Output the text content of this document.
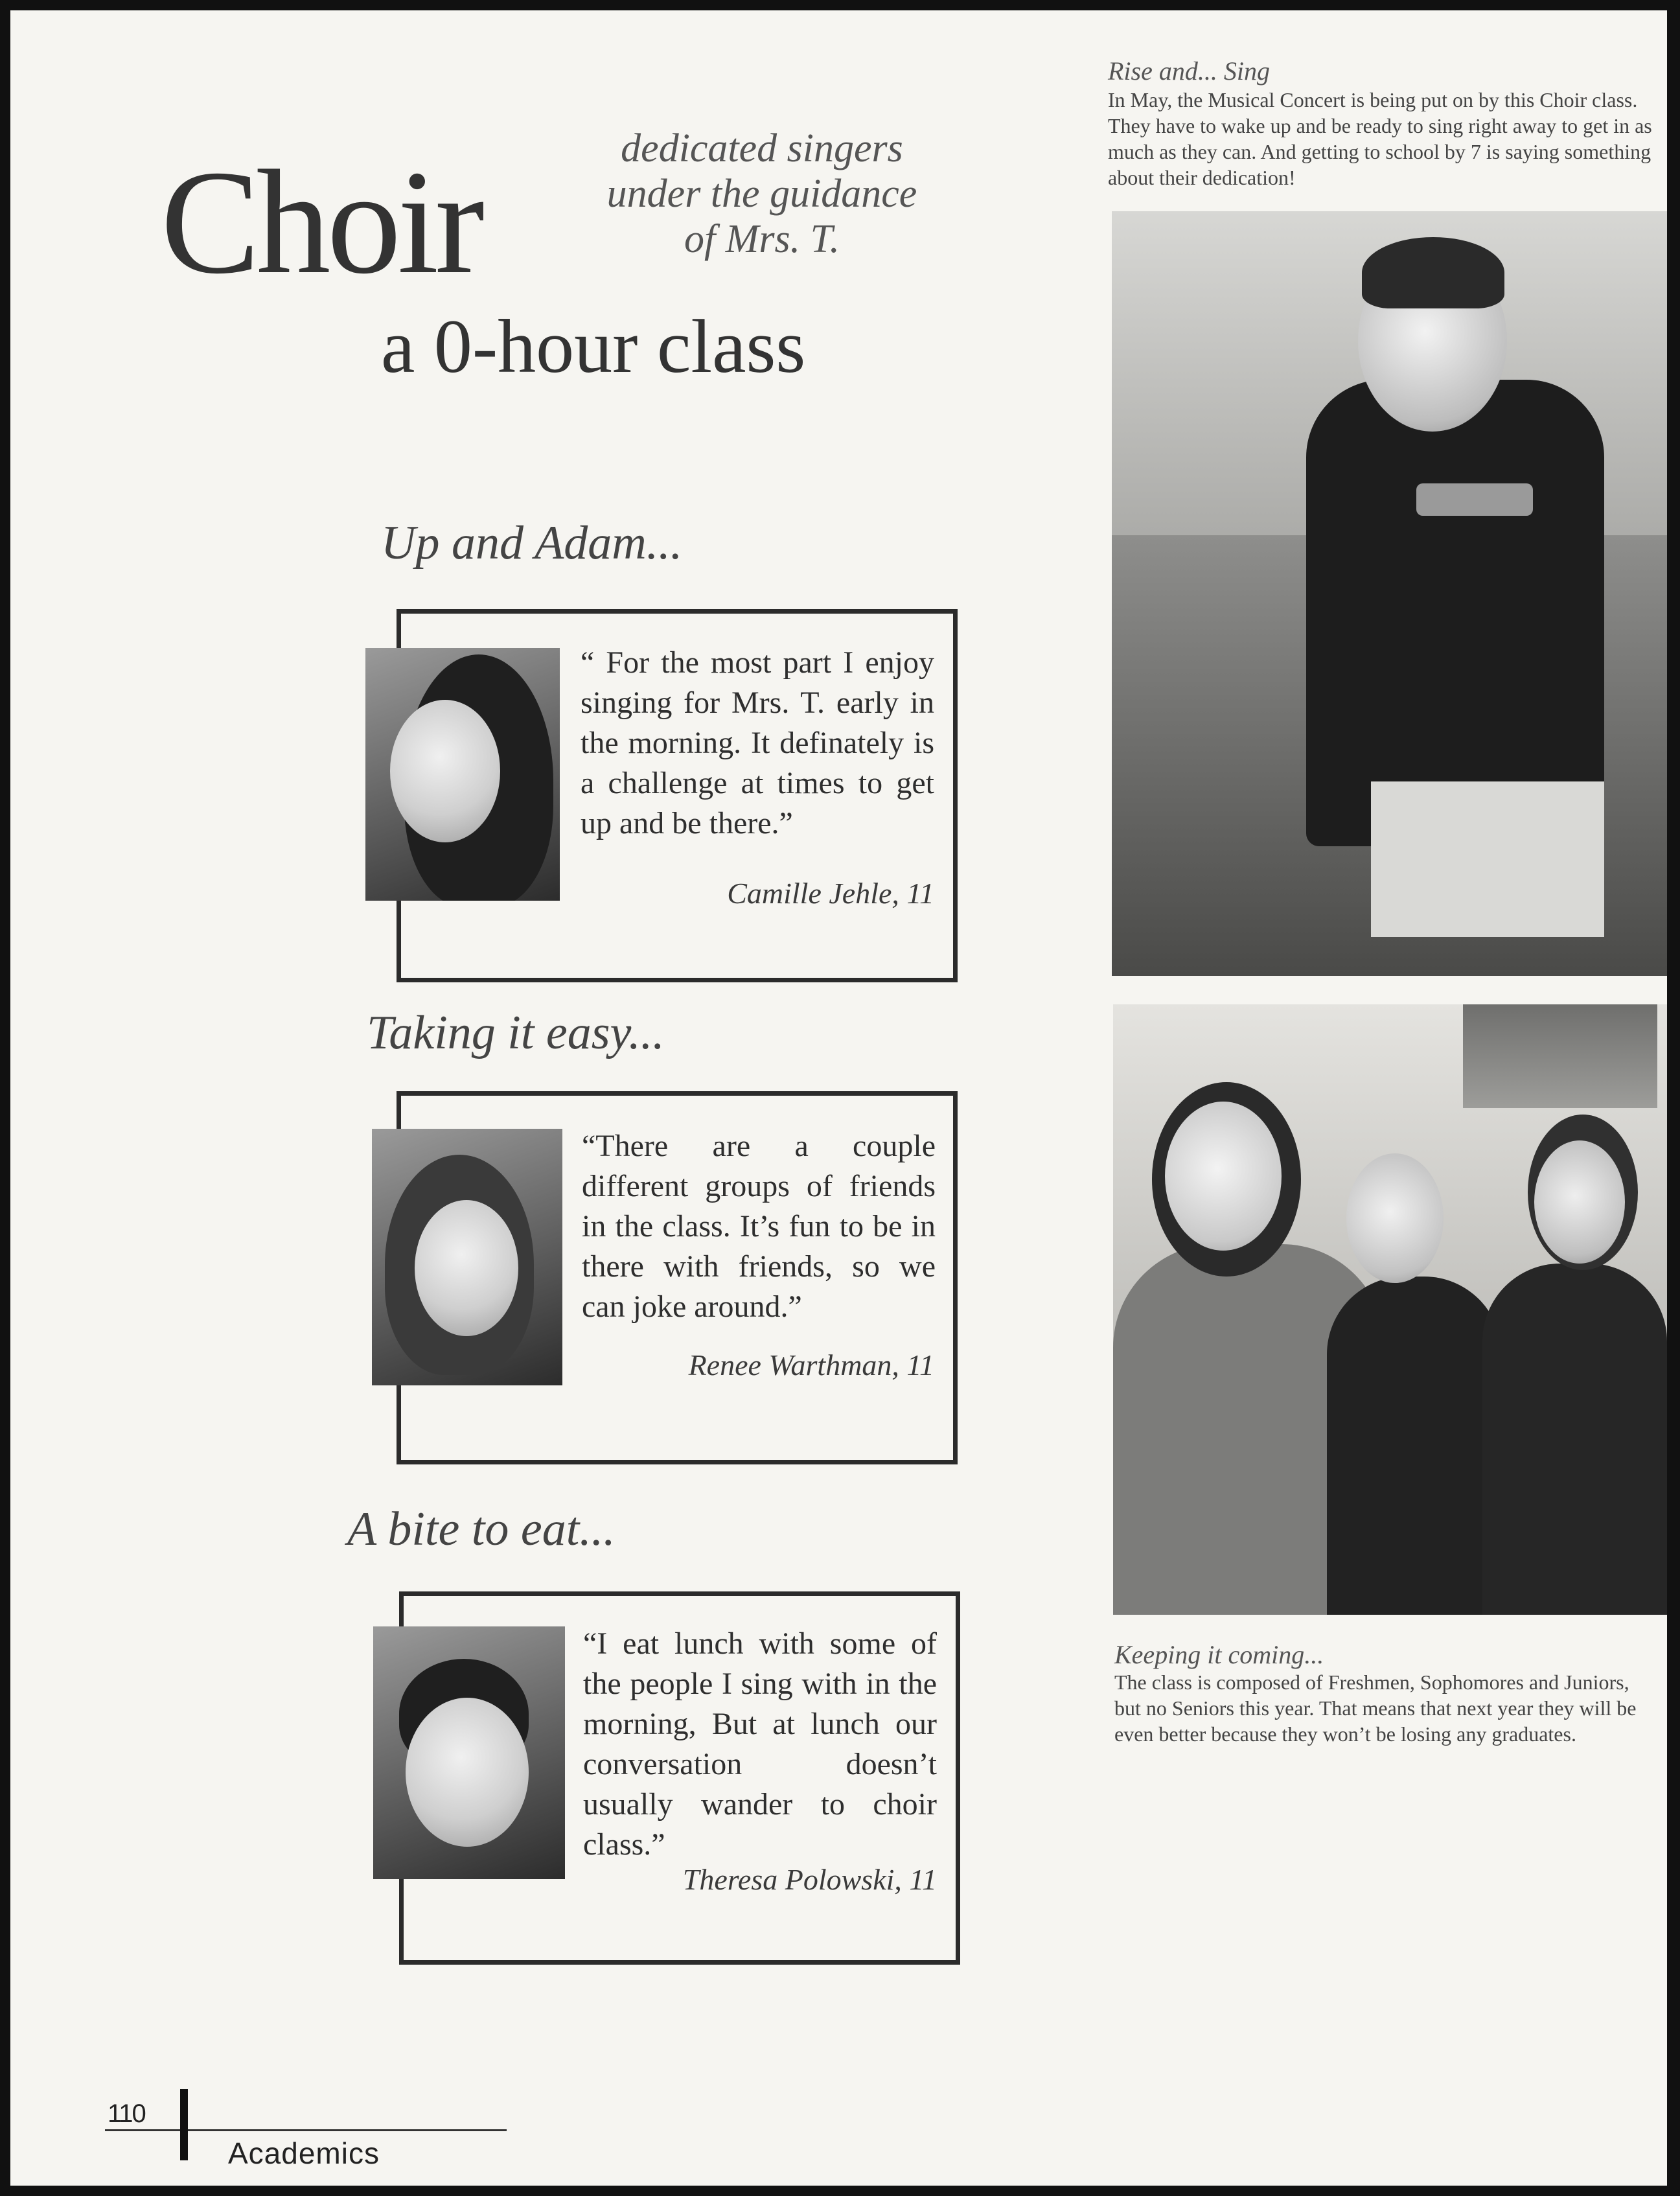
Choir	dedicated singers
under the guidance
of Mrs. T.
a 0-hour class
Up and Adam...
“ For the most part I enjoy singing for Mrs. T. early in the morning. It definately is a challenge at times to get up and be there.”
Camille Jehle, 11
Taking it easy...
“There are a couple different groups of friends in the class. It’s fun to be in there with friends, so we can joke around.”
Renee Warthman, 11
A bite to eat...
“I eat lunch with some of the people I sing with in the morning, But at lunch our conversation doesn’t usually wander to choir class.”
Theresa Polowski, 11
Rise and... Sing
In May, the Musical Concert is being put on by this Choir class. They have to wake up and be ready to sing right away to get in as much as they can. And getting to school by 7 is saying something about their dedication!
Keeping it coming...
The class is composed of Freshmen, Sophomores and Juniors, but no Seniors this year. That means that next year they will be even better because they won’t be losing any graduates.
110
Academics
